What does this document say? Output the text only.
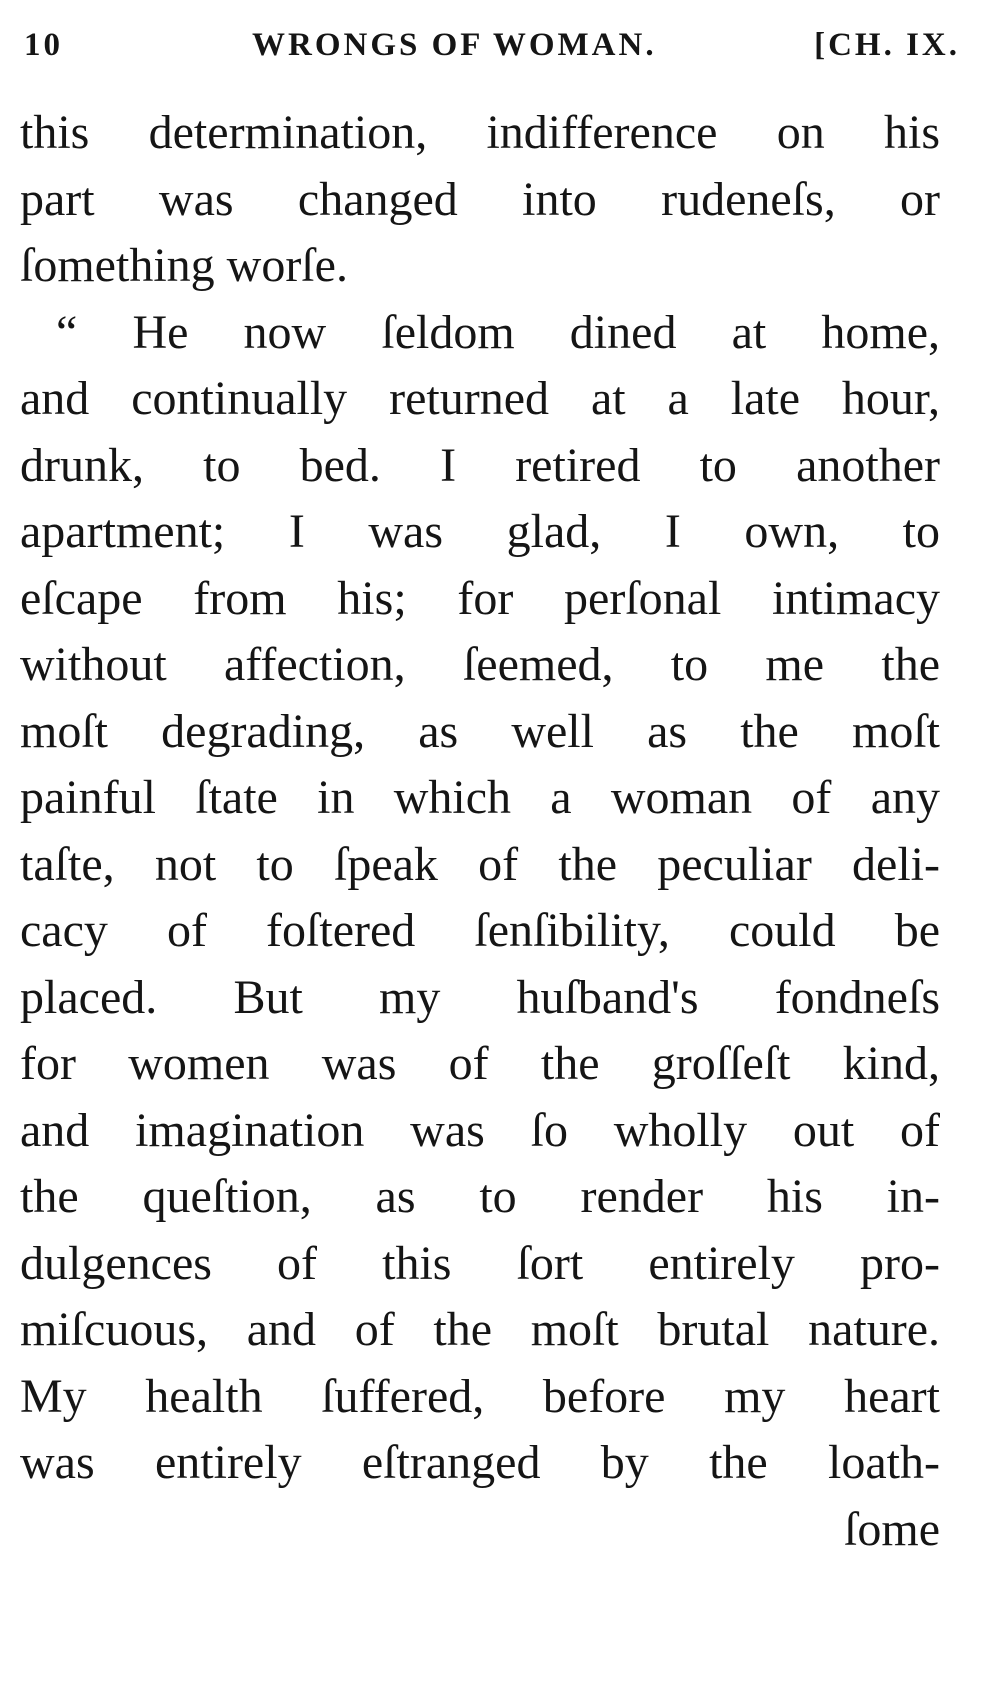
10	WRONGS OF WOMAN.	[CH. IX.
this determination, indifference on his
part was changed into rudeneſs, or
ſomething worſe.
“ He now ſeldom dined at home,
and continually returned at a late hour,
drunk, to bed. I retired to another
apartment; I was glad, I own, to
eſcape from his; for perſonal intimacy
without affection, ſeemed, to me the
moſt degrading, as well as the moſt
painful ſtate in which a woman of any
taſte, not to ſpeak of the peculiar deli-
cacy of foſtered ſenſibility, could be
placed. But my huſband's fondneſs
for women was of the groſſeſt kind,
and imagination was ſo wholly out of
the queſtion, as to render his in-
dulgences of this ſort entirely pro-
miſcuous, and of the moſt brutal nature.
My health ſuffered, before my heart
was entirely eſtranged by the loath-
ſome
